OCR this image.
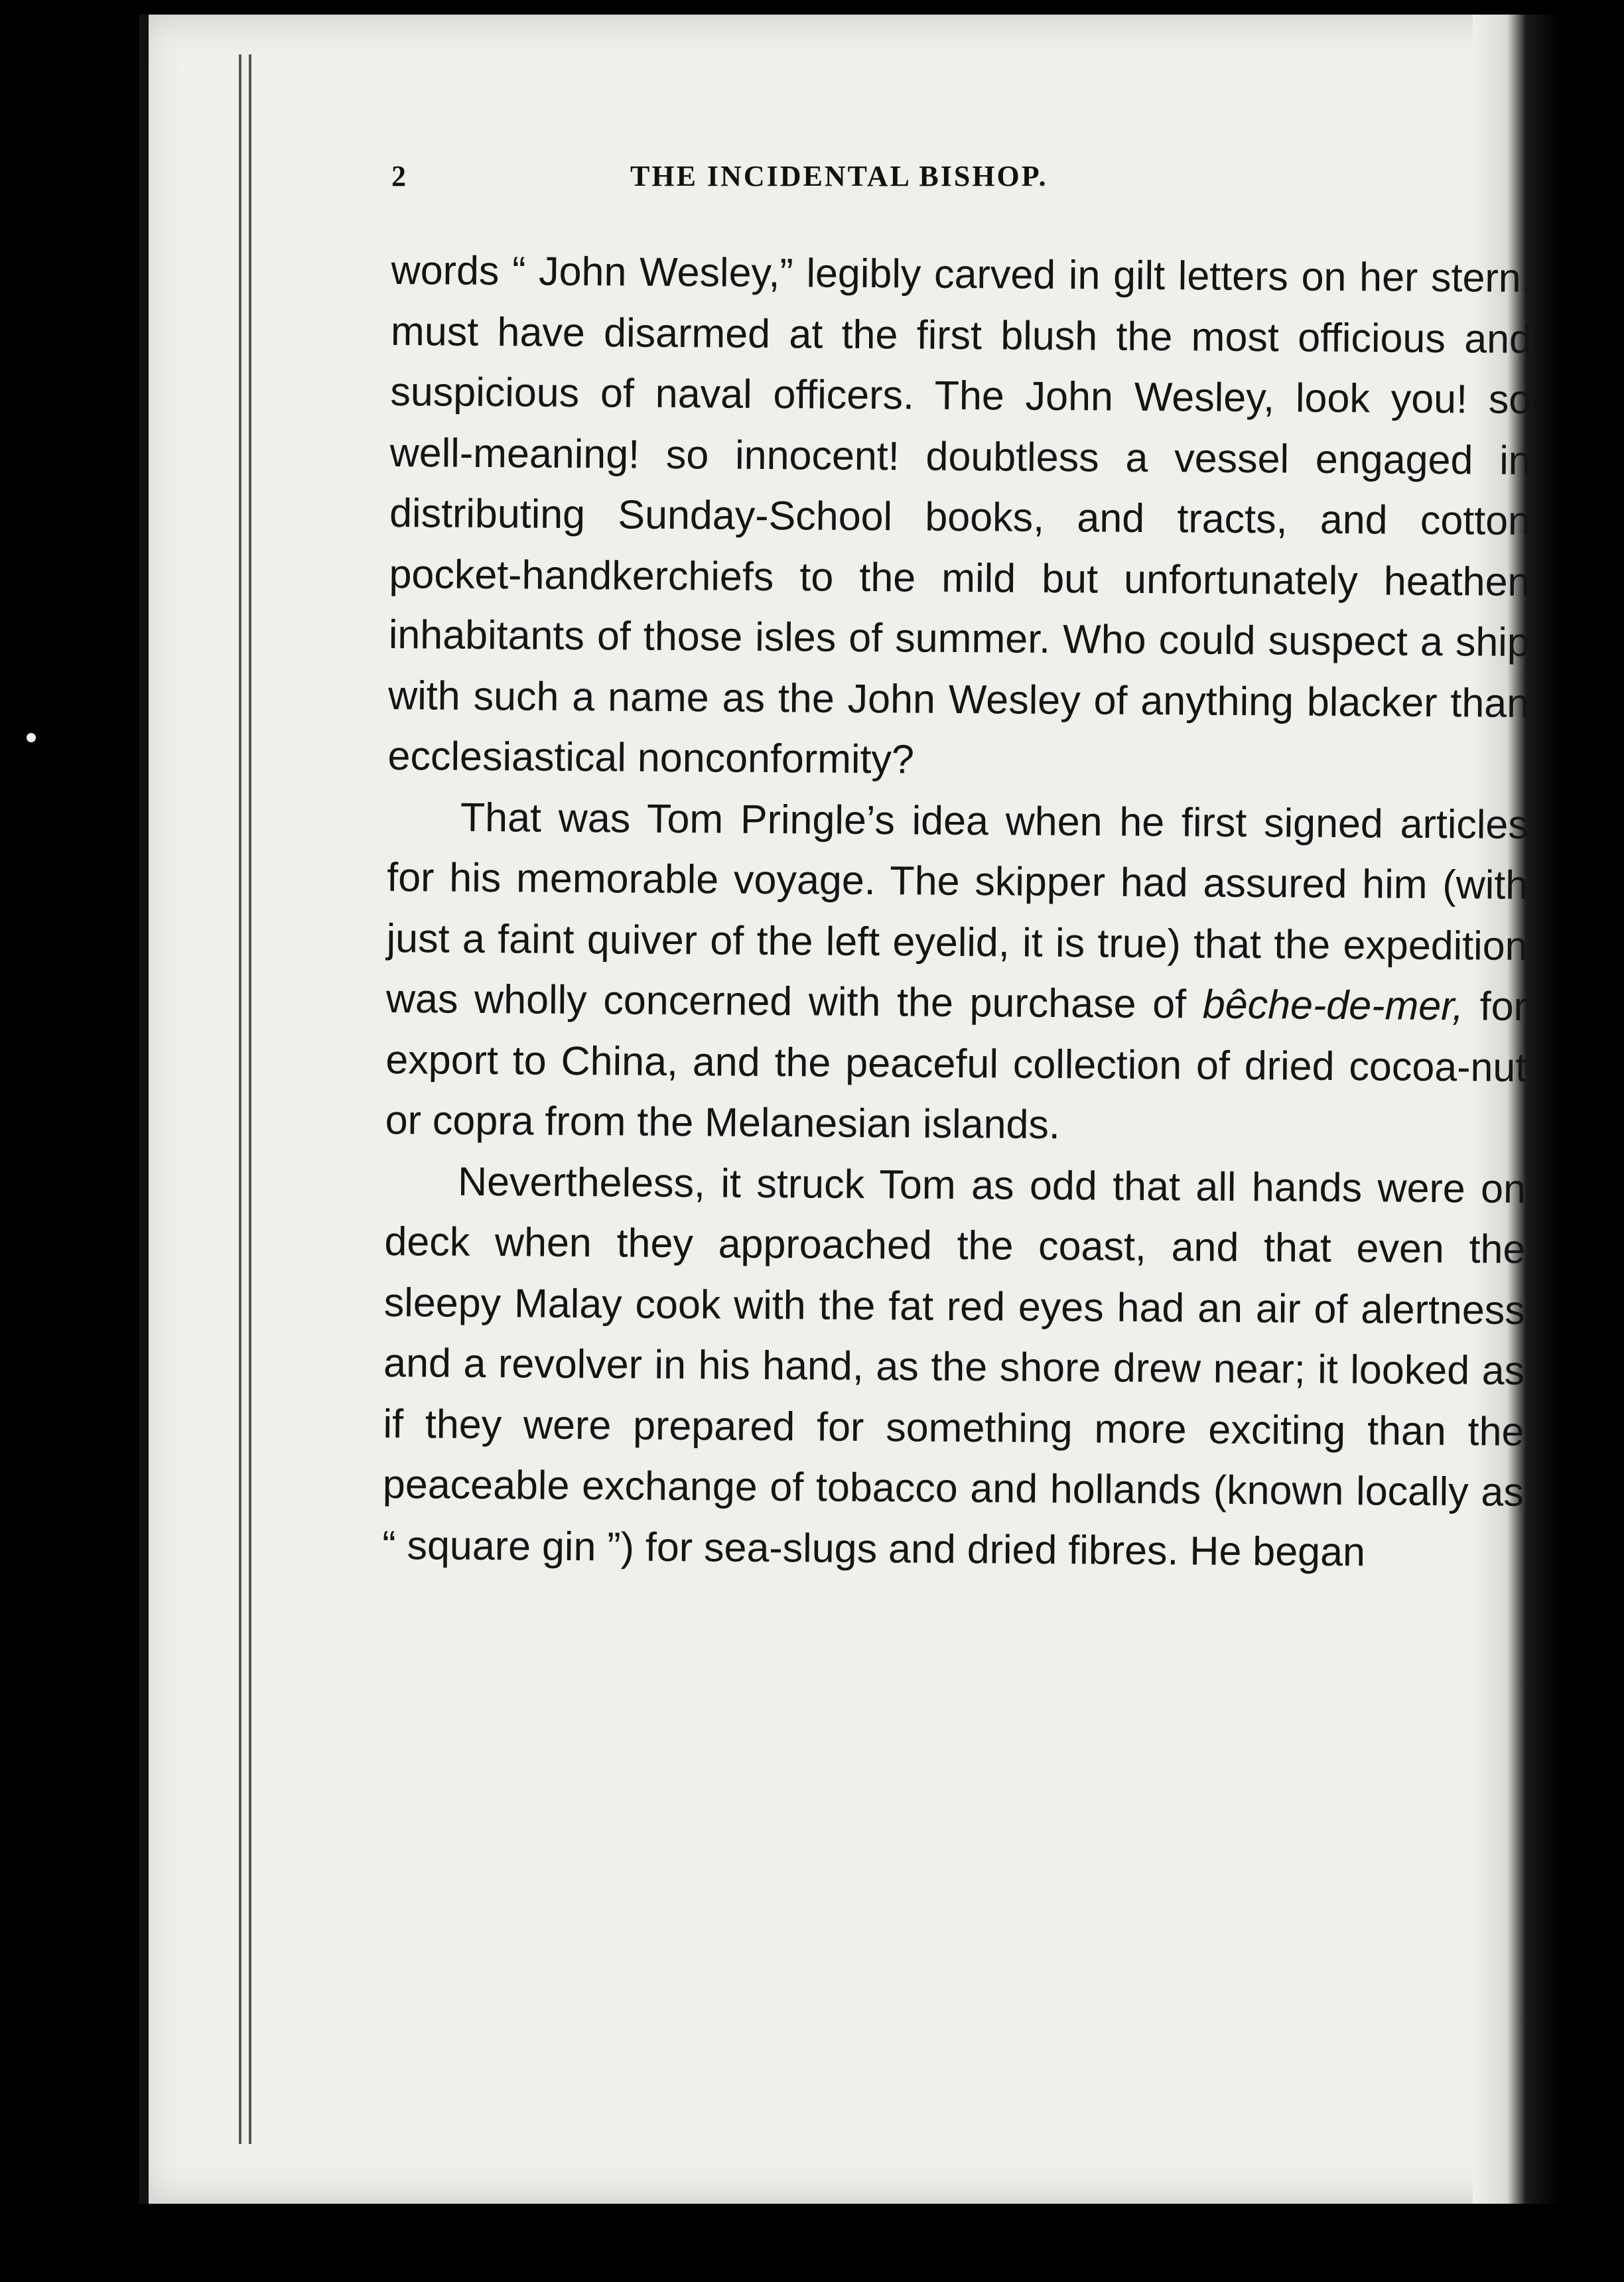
2	THE INCIDENTAL BISHOP.

words “ John Wesley,” legibly carved in gilt letters on her stern, must have disarmed at the first blush the most officious and suspicious of naval officers. The John Wesley, look you! so well-meaning! so innocent! doubtless a vessel engaged in distributing Sunday-School books, and tracts, and cotton pocket-handkerchiefs to the mild but unfortunately heathen inhabitants of those isles of summer. Who could suspect a ship with such a name as the John Wesley of anything blacker than ecclesiastical nonconformity?

That was Tom Pringle’s idea when he first signed articles for his memorable voyage. The skipper had assured him (with just a faint quiver of the left eyelid, it is true) that the expedition was wholly concerned with the purchase of bêche-de-mer, for export to China, and the peaceful collection of dried cocoa-nut or copra from the Melanesian islands.

Nevertheless, it struck Tom as odd that all hands were on deck when they approached the coast, and that even the sleepy Malay cook with the fat red eyes had an air of alertness and a revolver in his hand, as the shore drew near; it looked as if they were prepared for something more exciting than the peaceable exchange of tobacco and hollands (known locally as “ square gin ”) for sea-slugs and dried fibres. He began
